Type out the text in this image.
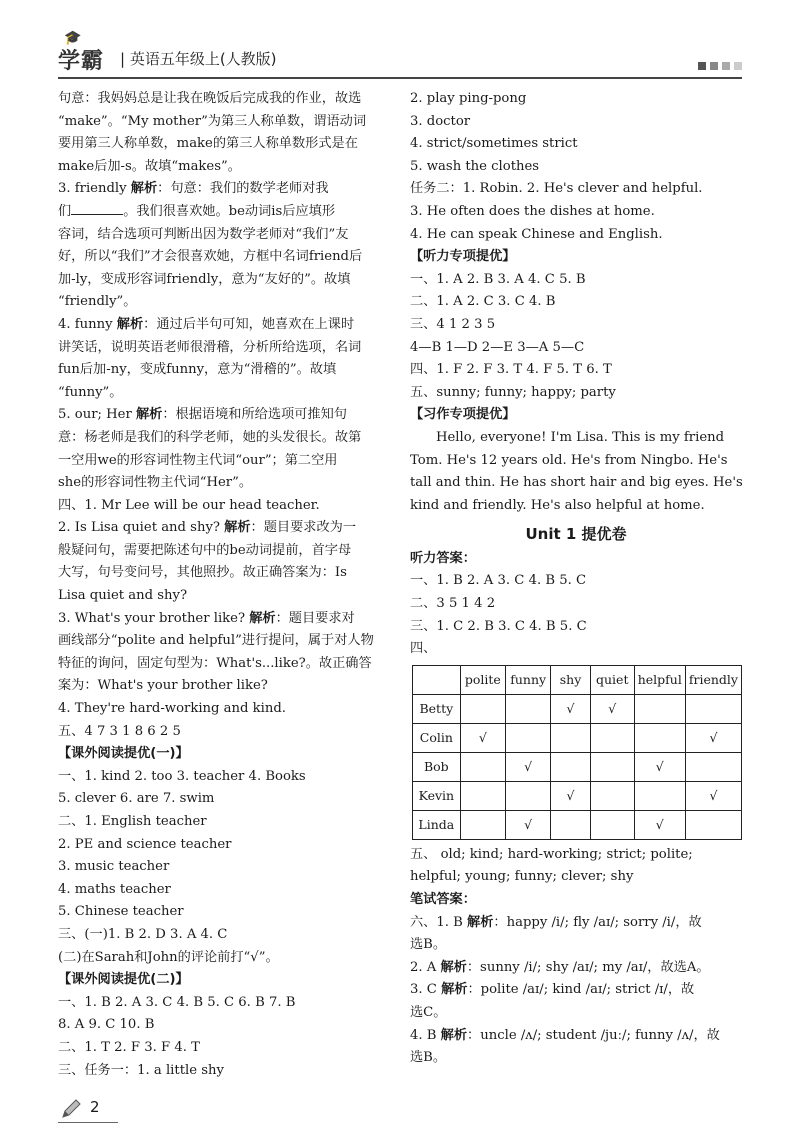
🎓
学霸 | 英语五年级上(人教版)
句意：我妈妈总是让我在晚饭后完成我的作业，故选
“make”。“My mother”为第三人称单数，谓语动词
要用第三人称单数，make的第三人称单数形式是在
make后加-s。故填“makes”。
3. friendly 解析：句意：我们的数学老师对我
们	。我们很喜欢她。be动词is后应填形
容词，结合选项可判断出因为数学老师对“我们”友
好，所以“我们”才会很喜欢她，方框中名词friend后
加-ly，变成形容词friendly，意为“友好的”。故填
“friendly”。
4. funny 解析：通过后半句可知，她喜欢在上课时
讲笑话，说明英语老师很滑稽，分析所给选项，名词
fun后加-ny，变成funny，意为“滑稽的”。故填
“funny”。
5. our; Her 解析：根据语境和所给选项可推知句
意：杨老师是我们的科学老师，她的头发很长。故第
一空用we的形容词性物主代词“our”；第二空用
she的形容词性物主代词“Her”。
四、1. Mr Lee will be our head teacher.
2. Is Lisa quiet and shy? 解析：题目要求改为一
般疑问句，需要把陈述句中的be动词提前，首字母
大写，句号变问号，其他照抄。故正确答案为：Is
Lisa quiet and shy?
3. What's your brother like? 解析：题目要求对
画线部分“polite and helpful”进行提问，属于对人物
特征的询问，固定句型为：What's...like?。故正确答
案为：What's your brother like?
4. They're hard-working and kind.
五、4 7 3 1 8 6 2 5
【课外阅读提优(一)】
一、1. kind 2. too 3. teacher 4. Books
5. clever 6. are 7. swim
二、1. English teacher
2. PE and science teacher
3. music teacher
4. maths teacher
5. Chinese teacher
三、(一)1. B 2. D 3. A 4. C
(二)在Sarah和John的评论前打“√”。
【课外阅读提优(二)】
一、1. B 2. A 3. C 4. B 5. C 6. B 7. B
8. A 9. C 10. B
二、1. T 2. F 3. F 4. T
三、任务一：1. a little shy
2. play ping-pong
3. doctor
4. strict/sometimes strict
5. wash the clothes
任务二：1. Robin. 2. He's clever and helpful.
3. He often does the dishes at home.
4. He can speak Chinese and English.
【听力专项提优】
一、1. A 2. B 3. A 4. C 5. B
二、1. A 2. C 3. C 4. B
三、4 1 2 3 5
4—B 1—D 2—E 3—A 5—C
四、1. F 2. F 3. T 4. F 5. T 6. T
五、sunny; funny; happy; party
【习作专项提优】
Hello, everyone! I'm Lisa. This is my friend
Tom. He's 12 years old. He's from Ningbo. He's
tall and thin. He has short hair and big eyes. He's
kind and friendly. He's also helpful at home.
Unit 1 提优卷
听力答案：
一、1. B 2. A 3. C 4. B 5. C
二、3 5 1 4 2
三、1. C 2. B 3. C 4. B 5. C
四、
	polite	funny	shy	quiet	helpful	friendly
Betty			√	√		
Colin	√					√
Bob		√			√	
Kevin			√			√
Linda		√			√	
五、 old; kind; hard-working; strict; polite;
helpful; young; funny; clever; shy
笔试答案：
六、1. B 解析：happy /i/; fly /aɪ/; sorry /i/，故
选B。
2. A 解析：sunny /i/; shy /aɪ/; my /aɪ/，故选A。
3. C 解析：polite /aɪ/; kind /aɪ/; strict /ɪ/，故
选C。
4. B 解析：uncle /ʌ/; student /juː/; funny /ʌ/，故
选B。
2
